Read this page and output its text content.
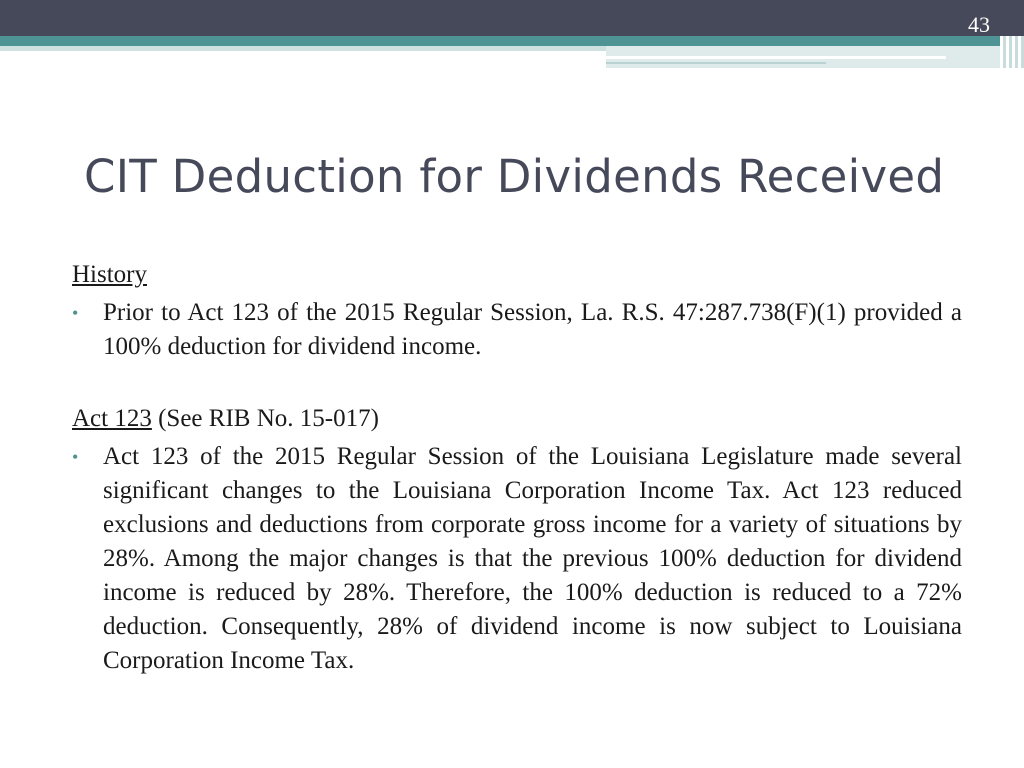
43
CIT Deduction for Dividends Received

History

• Prior to Act 123 of the 2015 Regular Session, La. R.S. 47:287.738(F)(1) provided a 100% deduction for dividend income.

Act 123 (See RIB No. 15-017)

• Act 123 of the 2015 Regular Session of the Louisiana Legislature made several significant changes to the Louisiana Corporation Income Tax. Act 123 reduced exclusions and deductions from corporate gross income for a variety of situations by 28%. Among the major changes is that the previous 100% deduction for dividend income is reduced by 28%. Therefore, the 100% deduction is reduced to a 72% deduction. Consequently, 28% of dividend income is now subject to Louisiana Corporation Income Tax.
